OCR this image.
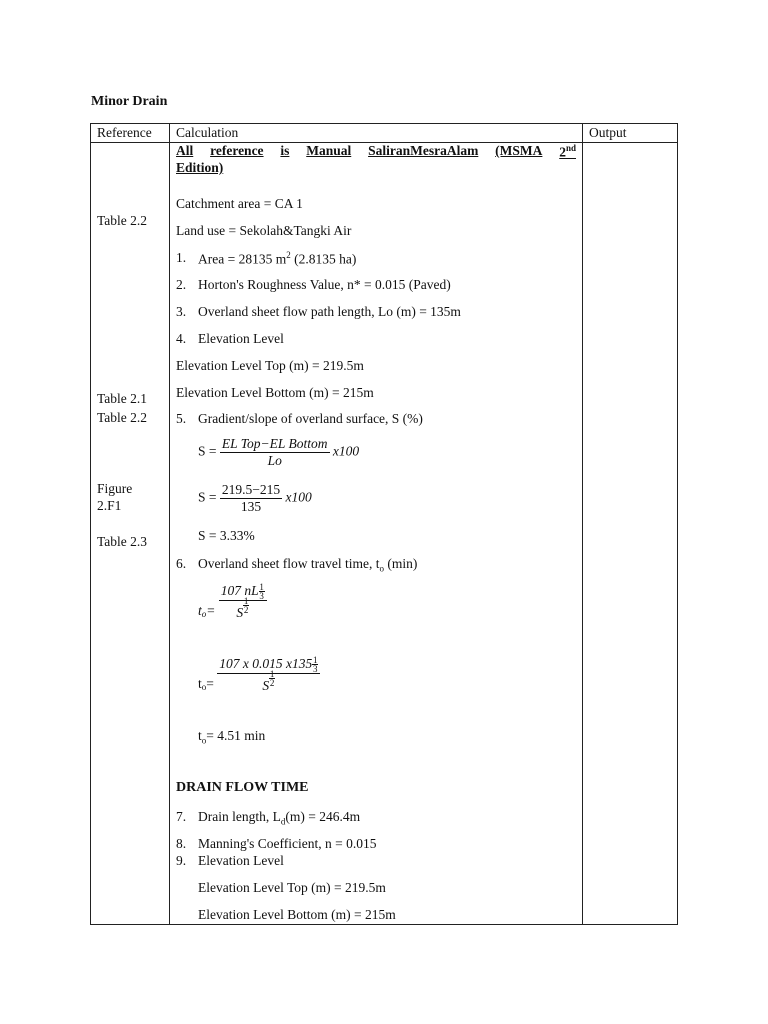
Minor Drain
Reference Calculation	Output
Table 2.2
Table 2.1
Table 2.2
Figure
2.F1
Table 2.3
All reference is Manual SaliranMesraAlam (MSMA 2nd
Edition)
Catchment area = CA 1
Land use = Sekolah&Tangki Air
1. Area = 28135 $m^2$ (2.8135 ha)
2. Horton's Roughness Value, n* = 0.015 (Paved)
3. Overland sheet flow path length, Lo (m) = 135m
4. Elevation Level
Elevation Level Top (m) = 219.5m
Elevation Level Bottom (m) = 215m
5. Gradient/slope of overland surface, S (%)
$S = \frac{\text{EL Top−EL Bottom}}{Lo} x100$
$S = \frac{219.5-215}{135} x100$
S = 3.33%
6. Overland sheet flow travel time, $t_o$ (min)
$t_o= \frac{107 nL \frac{1}{3}}{S \frac{1}{2}}$
$t_o= \frac{107 x 0.015 x135 \frac{1}{3}}{S \frac{1}{2}}$
$t_o= 4.51$ min
DRAIN FLOW TIME
7. Drain length, $L_d(m) = 246.4m$
8. Manning's Coefficient, n = 0.015
9. Elevation Level
Elevation Level Top (m) = 219.5m
Elevation Level Bottom (m) = 215m
